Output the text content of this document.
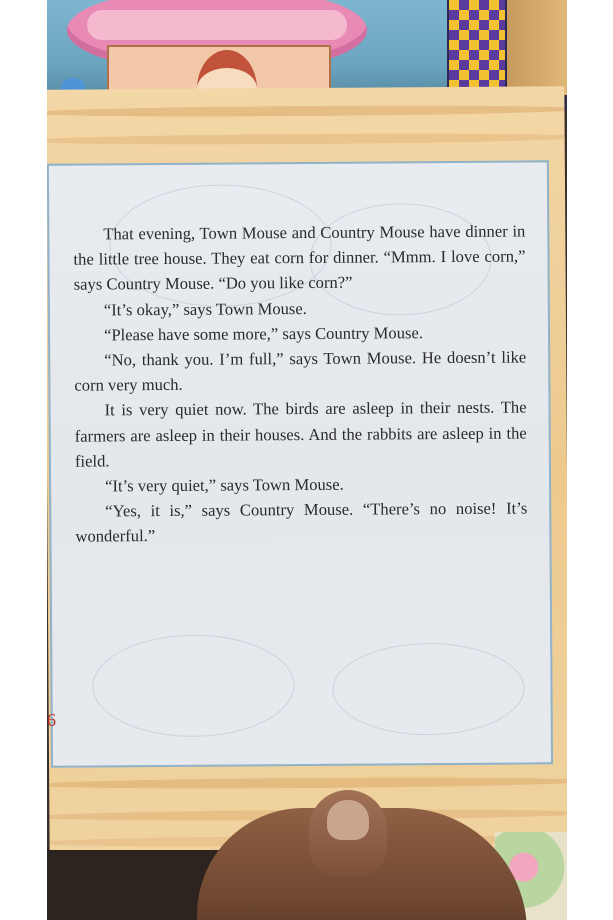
That evening, Town Mouse and Country Mouse have dinner in the little tree house. They eat corn for dinner. “Mmm. I love corn,” says Country Mouse. “Do you like corn?”

“It’s okay,” says Town Mouse.

“Please have some more,” says Country Mouse.

“No, thank you. I’m full,” says Town Mouse. He doesn’t like corn very much.

It is very quiet now. The birds are asleep in their nests. The farmers are asleep in their houses. And the rabbits are asleep in the field.

“It’s very quiet,” says Town Mouse.

“Yes, it is,” says Country Mouse. “There’s no noise! It’s wonderful.”

6
